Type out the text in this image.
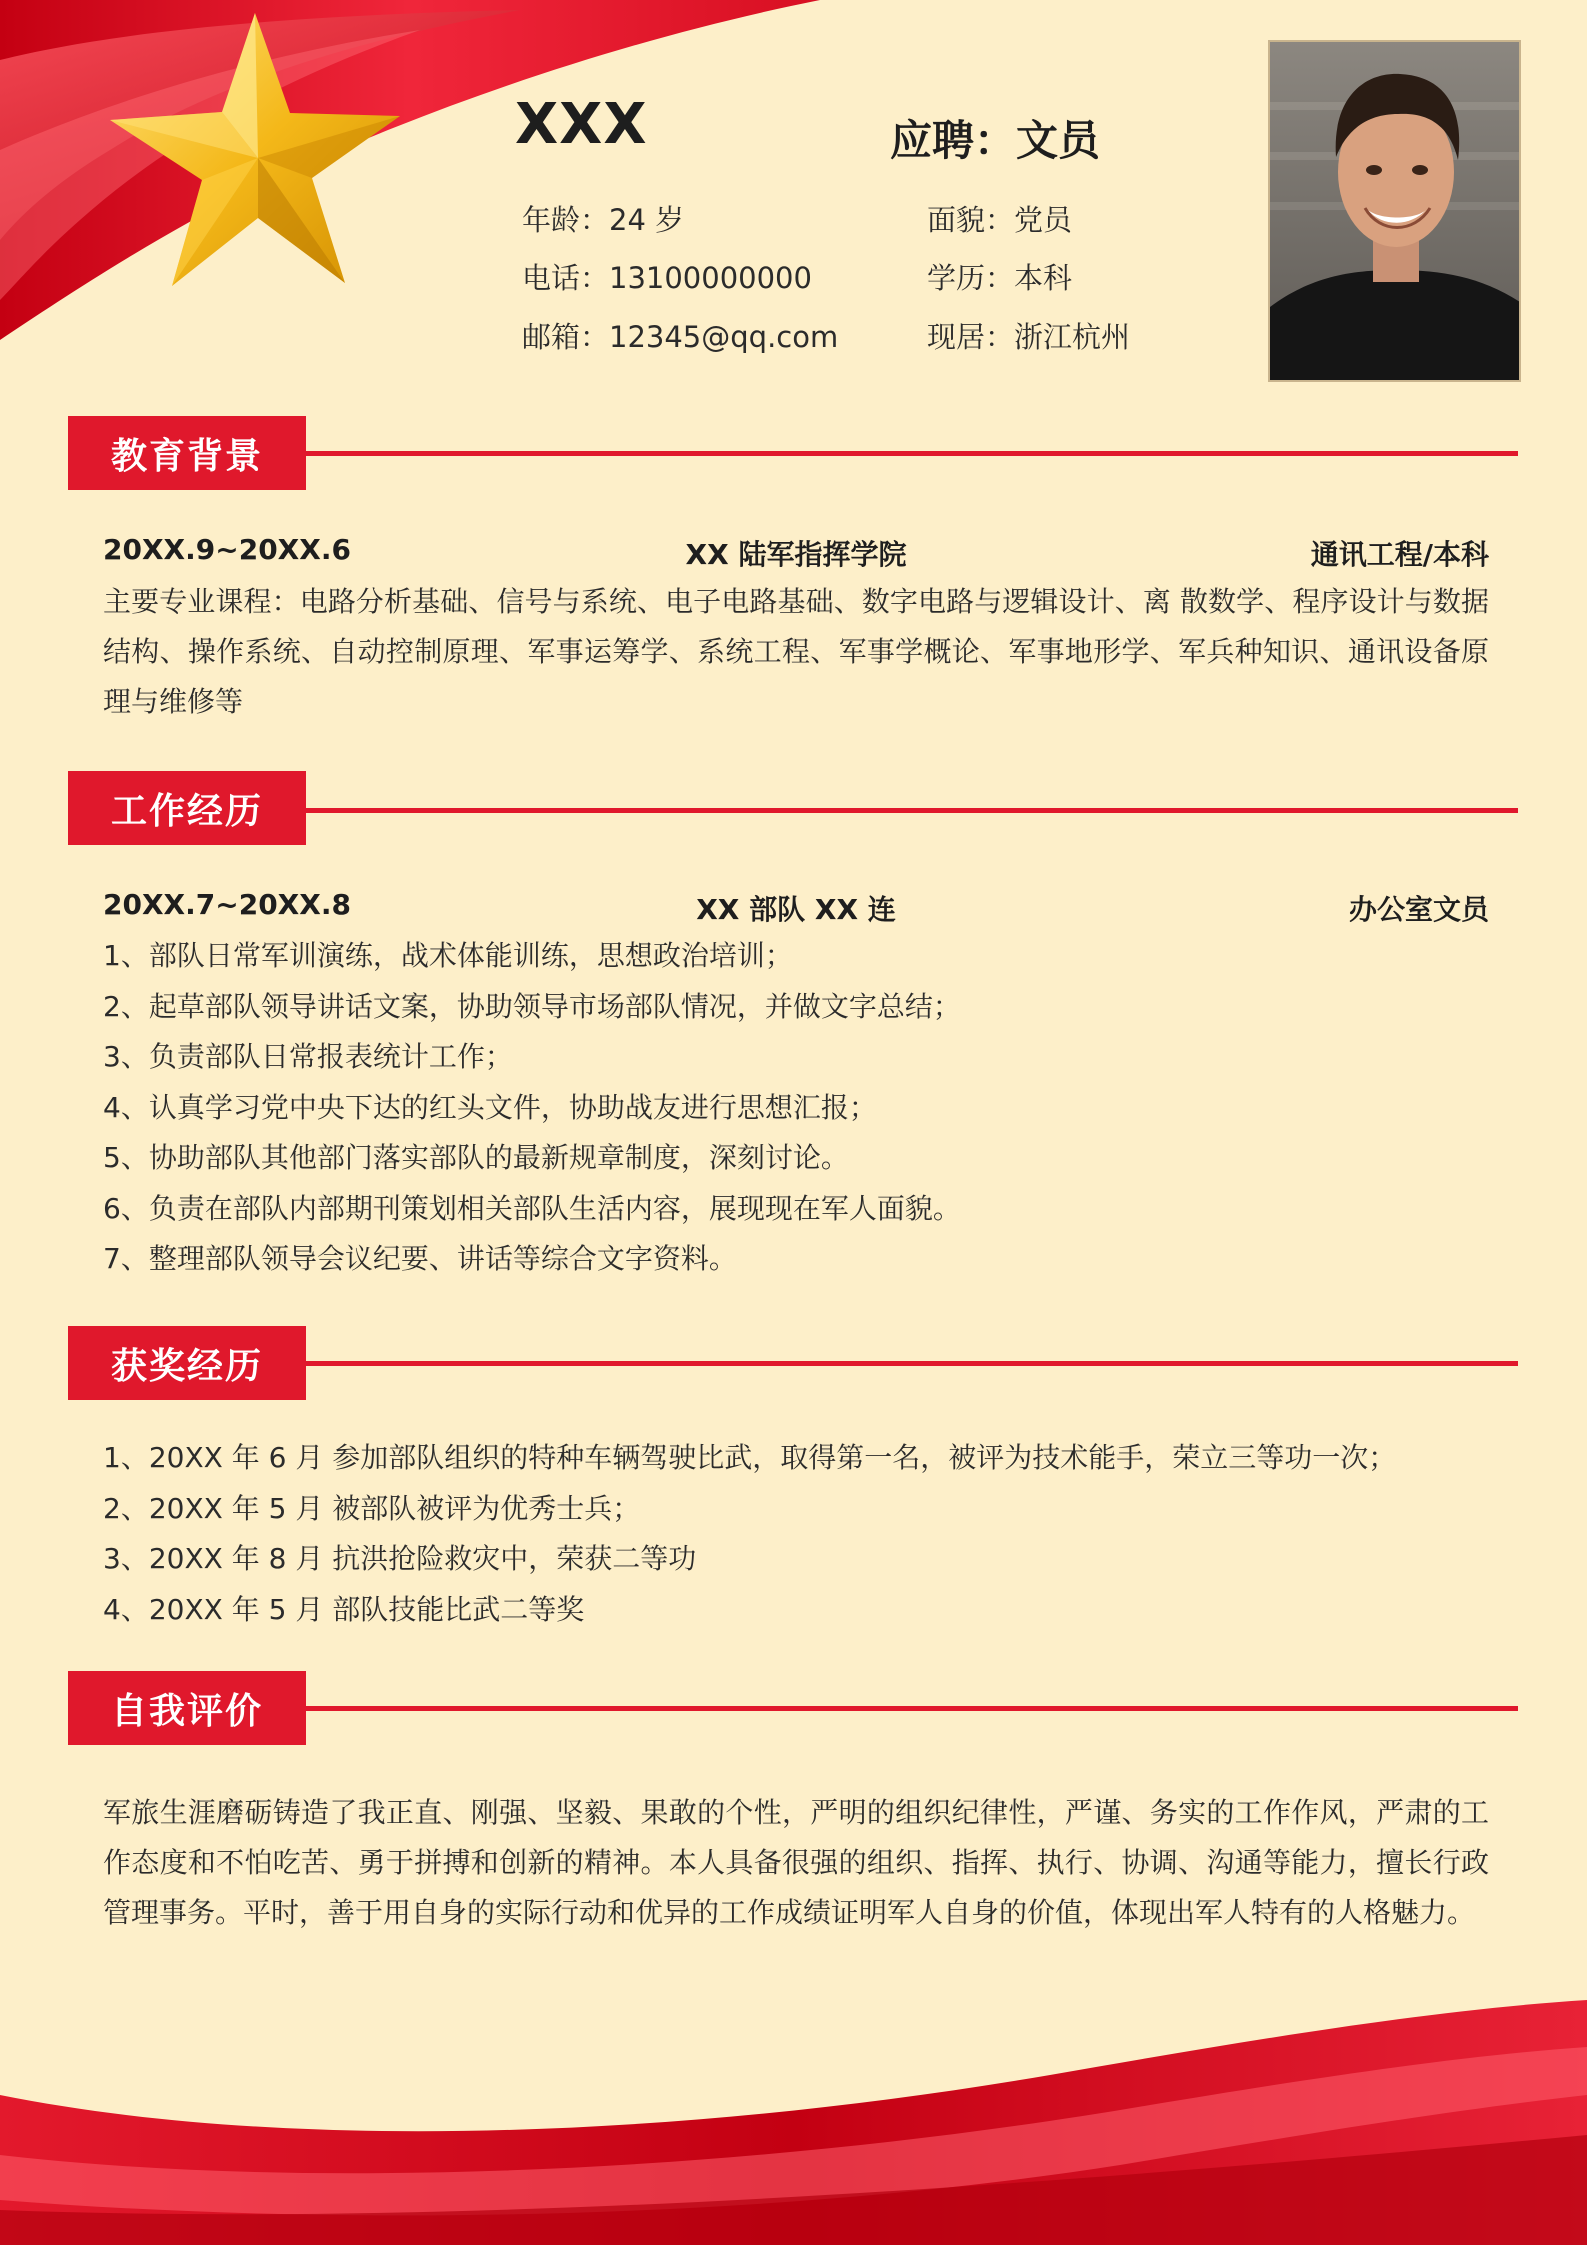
XXX	应聘：文员
年龄：24 岁
电话：13100000000
邮箱：12345@qq.com
面貌：党员
学历：本科
现居：浙江杭州
教育背景
20XX.9~20XX.6	XX 陆军指挥学院	通讯工程/本科
主要专业课程：电路分析基础、信号与系统、电子电路基础、数字电路与逻辑设计、离 散数学、程序设计与数据结构、操作系统、自动控制原理、军事运筹学、系统工程、军事学概论、军事地形学、军兵种知识、通讯设备原理与维修等
工作经历
20XX.7~20XX.8	XX 部队 XX 连	办公室文员
1、部队日常军训演练，战术体能训练，思想政治培训；
2、起草部队领导讲话文案，协助领导市场部队情况，并做文字总结；
3、负责部队日常报表统计工作；
4、认真学习党中央下达的红头文件，协助战友进行思想汇报；
5、协助部队其他部门落实部队的最新规章制度，深刻讨论。
6、负责在部队内部期刊策划相关部队生活内容，展现现在军人面貌。
7、整理部队领导会议纪要、讲话等综合文字资料。
获奖经历
1、20XX 年 6 月 参加部队组织的特种车辆驾驶比武，取得第一名，被评为技术能手，荣立三等功一次；
2、20XX 年 5 月 被部队被评为优秀士兵；
3、20XX 年 8 月 抗洪抢险救灾中，荣获二等功
4、20XX 年 5 月 部队技能比武二等奖
自我评价
军旅生涯磨砺铸造了我正直、刚强、坚毅、果敢的个性，严明的组织纪律性，严谨、务实的工作作风，严肃的工作态度和不怕吃苦、勇于拼搏和创新的精神。本人具备很强的组织、指挥、执行、协调、沟通等能力，擅长行政管理事务。平时，善于用自身的实际行动和优异的工作成绩证明军人自身的价值，体现出军人特有的人格魅力。
